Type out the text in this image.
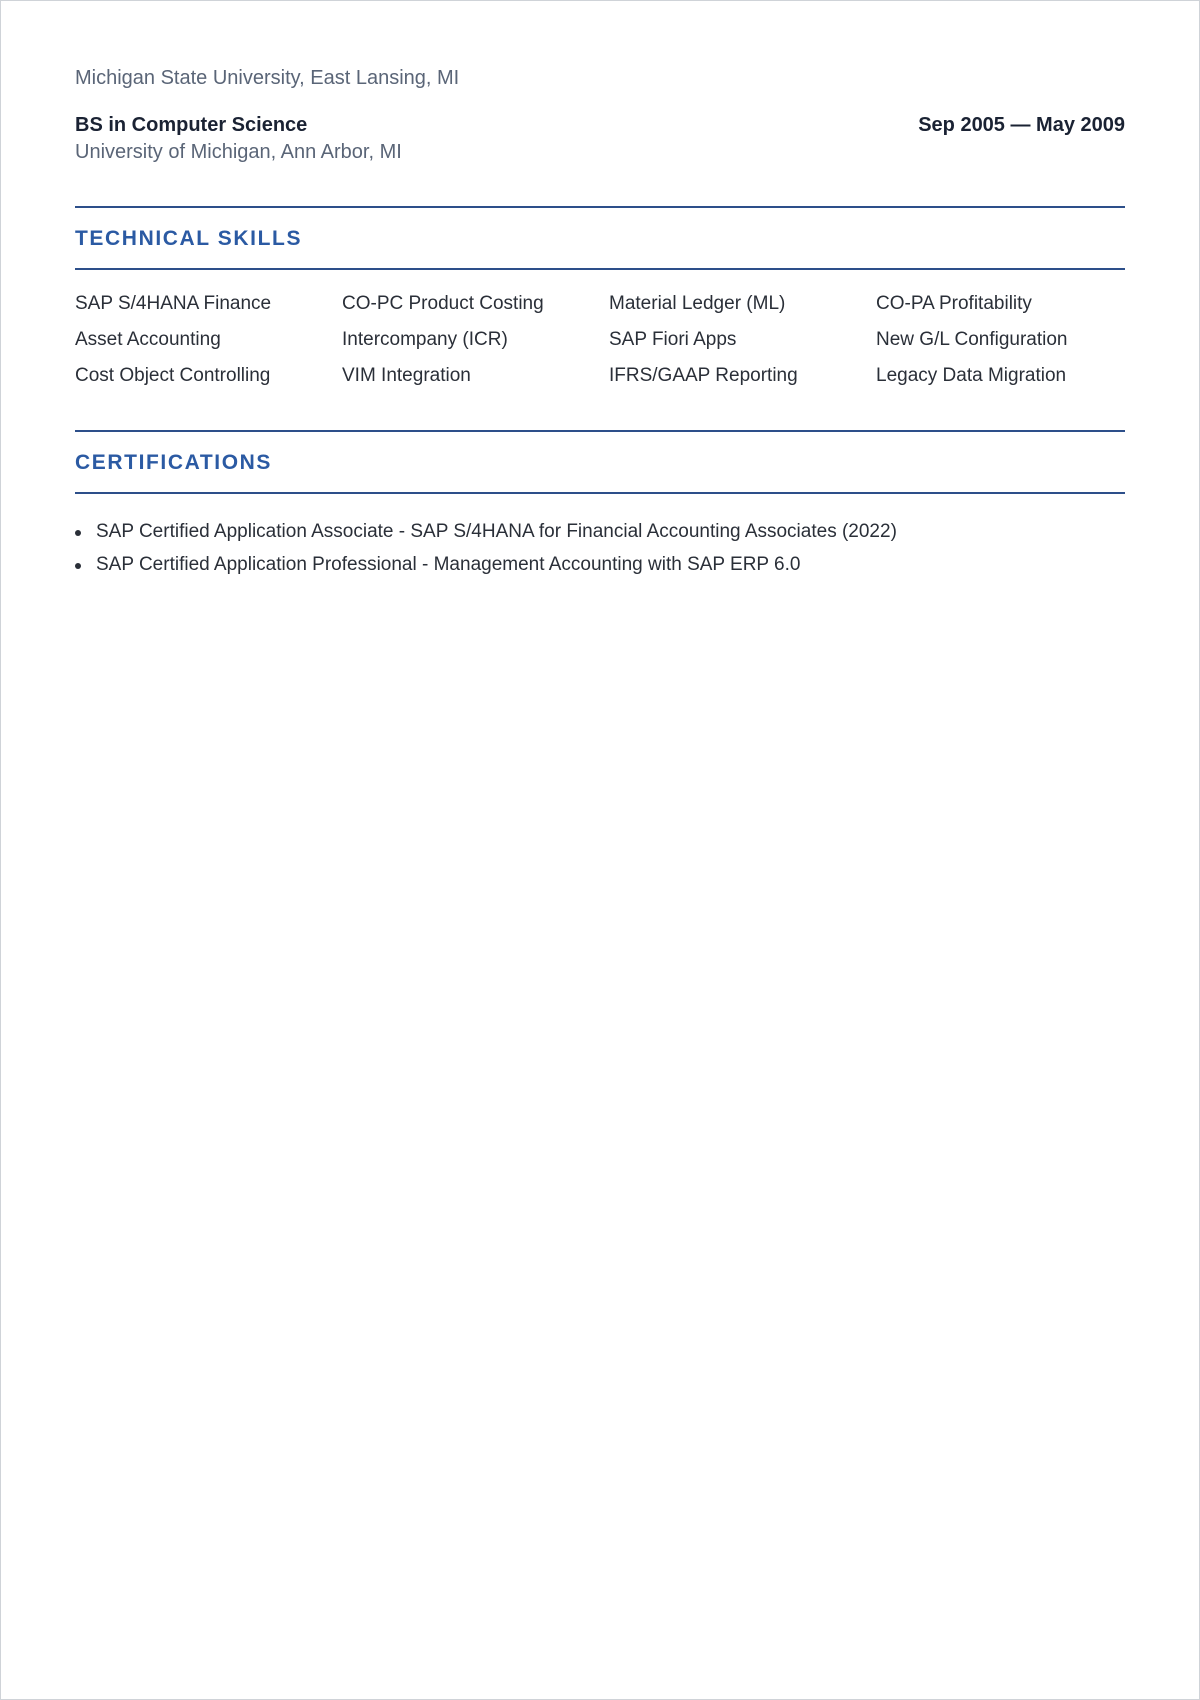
Michigan State University, East Lansing, MI
BS in Computer Science	Sep 2005 — May 2009
University of Michigan, Ann Arbor, MI
TECHNICAL SKILLS
SAP S/4HANA Finance	CO-PC Product Costing	Material Ledger (ML)	CO-PA Profitability
Asset Accounting	Intercompany (ICR)	SAP Fiori Apps	New G/L Configuration
Cost Object Controlling	VIM Integration	IFRS/GAAP Reporting	Legacy Data Migration
CERTIFICATIONS
SAP Certified Application Associate - SAP S/4HANA for Financial Accounting Associates (2022)
SAP Certified Application Professional - Management Accounting with SAP ERP 6.0
